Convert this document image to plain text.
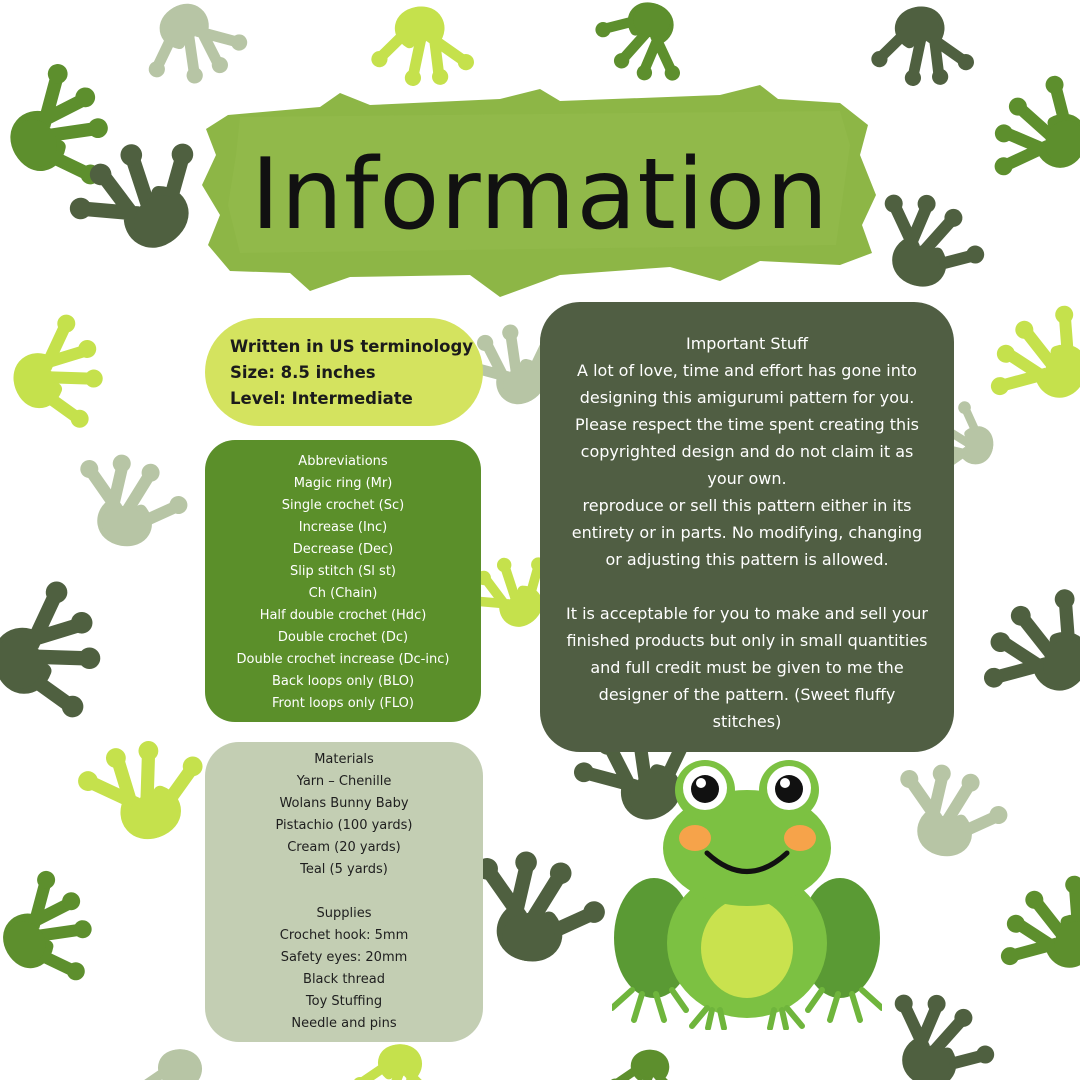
Information
Written in US terminology
Size: 8.5 inches
Level: Intermediate
Abbreviations
Magic ring (Mr)
Single crochet (Sc)
Increase (Inc)
Decrease (Dec)
Slip stitch (Sl st)
Ch (Chain)
Half double crochet (Hdc)
Double crochet (Dc)
Double crochet increase (Dc-inc)
Back loops only (BLO)
Front loops only (FLO)
Materials
Yarn – Chenille
Wolans Bunny Baby
Pistachio (100 yards)
Cream (20 yards)
Teal (5 yards)
Supplies
Crochet hook: 5mm
Safety eyes: 20mm
Black thread
Toy Stuffing
Needle and pins
Important Stuff
A lot of love, time and effort has gone into
designing this amigurumi pattern for you.
Please respect the time spent creating this
copyrighted design and do not claim it as
your own.
reproduce or sell this pattern either in its
entirety or in parts. No modifying, changing
or adjusting this pattern is allowed.
It is acceptable for you to make and sell your
finished products but only in small quantities
and full credit must be given to me the
designer of the pattern. (Sweet fluffy
stitches)
